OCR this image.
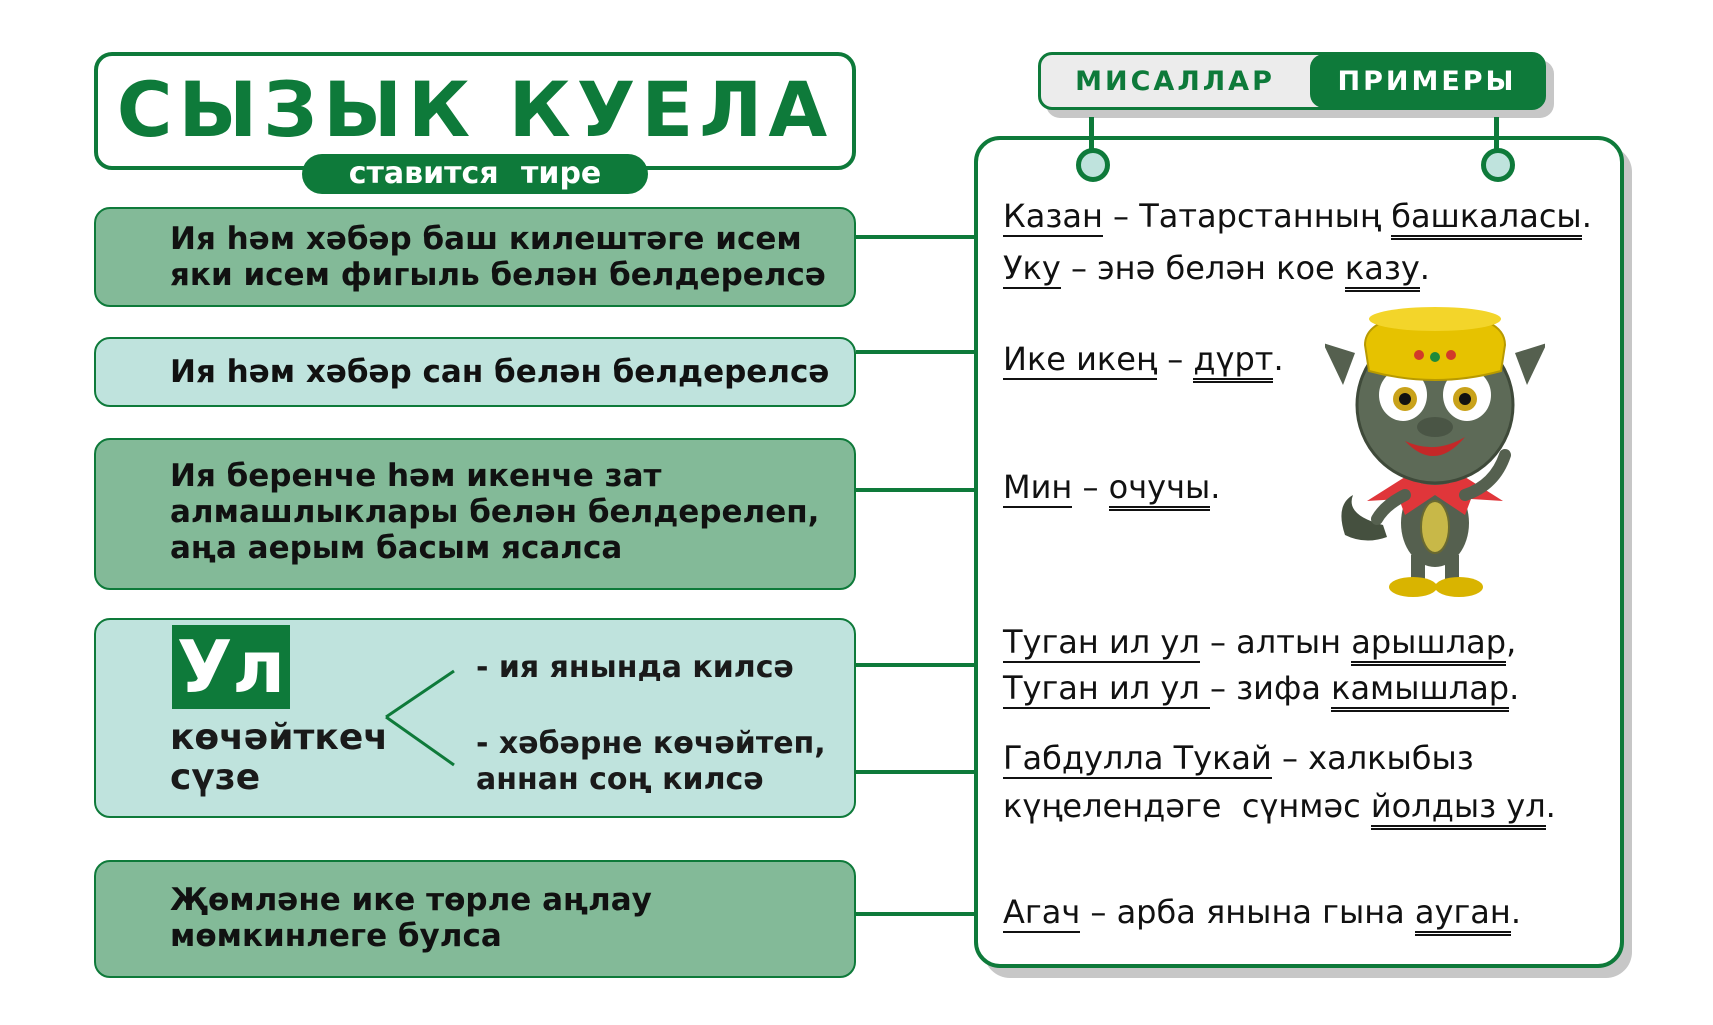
СЫЗЫК КУЕЛА
ставится тире
Ия һәм хәбәр баш килештәге исем
яки исем фигыль белән белдерелсә
Ия һәм хәбәр сан белән белдерелсә
Ия беренче һәм икенче зат
алмашлыклары белән белдерелеп,
аңа аерым басым ясалса
Ул
көчәйткеч
сүзе
- ия янында килсә
- хәбәрне көчәйтеп,
аннан соң килсә
Җөмләне ике төрле аңлау
мөмкинлеге булса
МИСАЛЛАР	ПРИМЕРЫ
Казан – Татарстанның башкаласы.
Уку – энә белән кое казу.
Ике икең – дүрт.
Мин – очучы.
Туган ил ул – алтын арышлар,
Туган ил ул – зифа камышлар.
Габдулла Тукай – халкыбыз
күңелендәге  сүнмәс йолдыз ул.
Агач – арба янына гына ауган.
